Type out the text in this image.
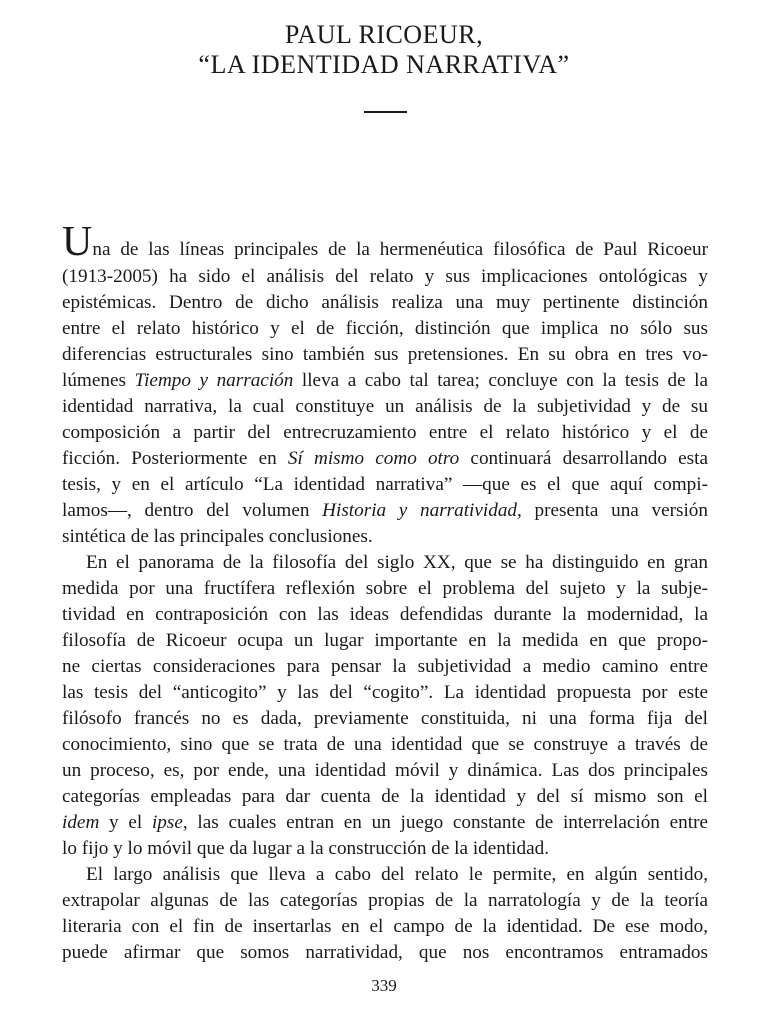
PAUL RICOEUR,
“LA IDENTIDAD NARRATIVA”
Una de las líneas principales de la hermenéutica filosófica de Paul Ricoeur
(1913-2005) ha sido el análisis del relato y sus implicaciones ontológicas y
epistémicas. Dentro de dicho análisis realiza una muy pertinente distinción
entre el relato histórico y el de ficción, distinción que implica no sólo sus
diferencias estructurales sino también sus pretensiones. En su obra en tres vo-
lúmenes Tiempo y narración lleva a cabo tal tarea; concluye con la tesis de la
identidad narrativa, la cual constituye un análisis de la subjetividad y de su
composición a partir del entrecruzamiento entre el relato histórico y el de
ficción. Posteriormente en Sí mismo como otro continuará desarrollando esta
tesis, y en el artículo “La identidad narrativa” —que es el que aquí compi-
lamos—, dentro del volumen Historia y narratividad, presenta una versión
sintética de las principales conclusiones.
En el panorama de la filosofía del siglo XX, que se ha distinguido en gran
medida por una fructífera reflexión sobre el problema del sujeto y la subje-
tividad en contraposición con las ideas defendidas durante la modernidad, la
filosofía de Ricoeur ocupa un lugar importante en la medida en que propo-
ne ciertas consideraciones para pensar la subjetividad a medio camino entre
las tesis del “anticogito” y las del “cogito”. La identidad propuesta por este
filósofo francés no es dada, previamente constituida, ni una forma fija del
conocimiento, sino que se trata de una identidad que se construye a través de
un proceso, es, por ende, una identidad móvil y dinámica. Las dos principales
categorías empleadas para dar cuenta de la identidad y del sí mismo son el
idem y el ipse, las cuales entran en un juego constante de interrelación entre
lo fijo y lo móvil que da lugar a la construcción de la identidad.
El largo análisis que lleva a cabo del relato le permite, en algún sentido,
extrapolar algunas de las categorías propias de la narratología y de la teoría
literaria con el fin de insertarlas en el campo de la identidad. De ese modo,
puede afirmar que somos narratividad, que nos encontramos entramados
339
